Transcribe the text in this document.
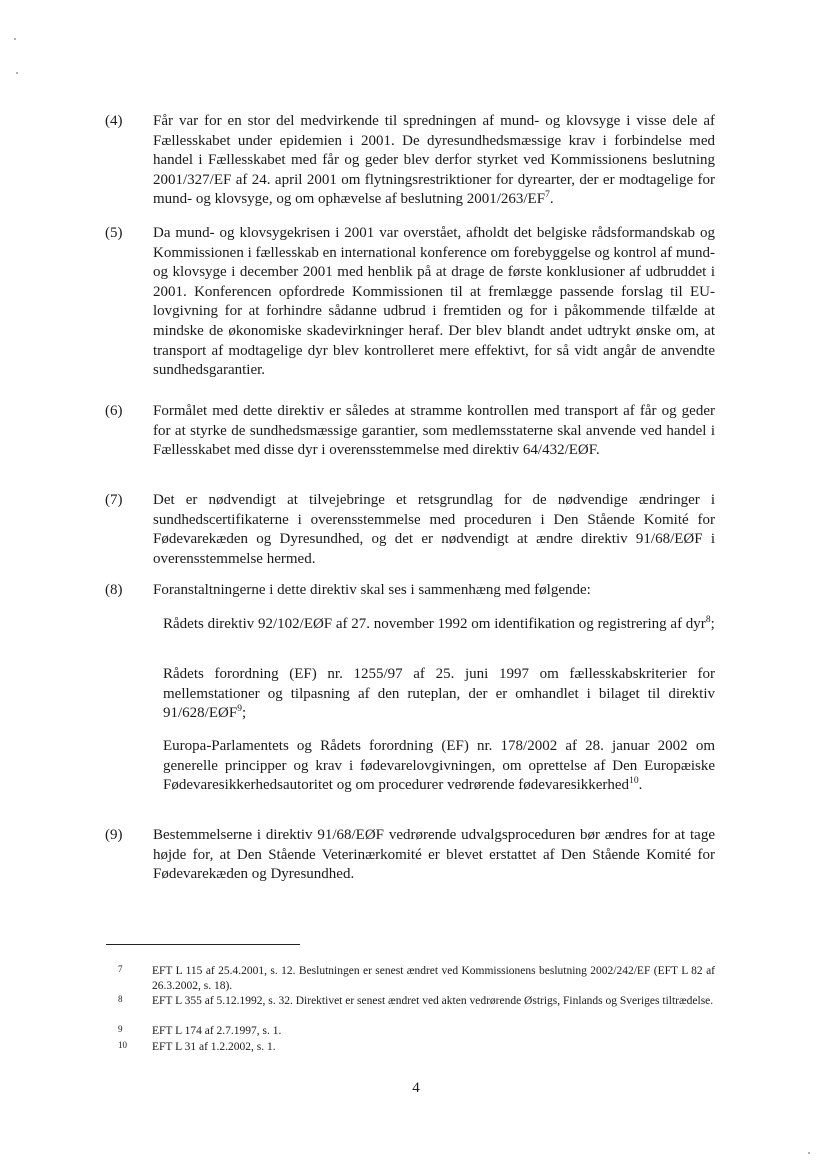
(4) Får var for en stor del medvirkende til spredningen af mund- og klovsyge i visse dele af Fællesskabet under epidemien i 2001. De dyresundhedsmæssige krav i forbindelse med handel i Fællesskabet med får og geder blev derfor styrket ved Kommissionens beslutning 2001/327/EF af 24. april 2001 om flytningsrestriktioner for dyrearter, der er modtagelige for mund- og klovsyge, og om ophævelse af beslutning $2001/263/EF^7$.
(5) Da mund- og klovsygekrisen i 2001 var overstået, afholdt det belgiske rådsformandskab og Kommissionen i fællesskab en international konference om forebyggelse og kontrol af mund- og klovsyge i december 2001 med henblik på at drage de første konklusioner af udbruddet i 2001. Konferencen opfordrede Kommissionen til at fremlægge passende forslag til EU-lovgivning for at forhindre sådanne udbrud i fremtiden og for i påkommende tilfælde at mindske de økonomiske skadevirkninger heraf. Der blev blandt andet udtrykt ønske om, at transport af modtagelige dyr blev kontrolleret mere effektivt, for så vidt angår de anvendte sundhedsgarantier.
(6) Formålet med dette direktiv er således at stramme kontrollen med transport af får og geder for at styrke de sundhedsmæssige garantier, som medlemsstaterne skal anvende ved handel i Fællesskabet med disse dyr i overensstemmelse med direktiv 64/432/EØF.
(7) Det er nødvendigt at tilvejebringe et retsgrundlag for de nødvendige ændringer i sundhedscertifikaterne i overensstemmelse med proceduren i Den Stående Komité for Fødevarekæden og Dyresundhed, og det er nødvendigt at ændre direktiv 91/68/EØF i overensstemmelse hermed.
(8) Foranstaltningerne i dette direktiv skal ses i sammenhæng med følgende:
Rådets direktiv 92/102/EØF af 27. november 1992 om identifikation og registrering af dyr$^8$;
Rådets forordning (EF) nr. 1255/97 af 25. juni 1997 om fællesskabskriterier for mellemstationer og tilpasning af den ruteplan, der er omhandlet i bilaget til direktiv 91/628/EØF$^9$;
Europa-Parlamentets og Rådets forordning (EF) nr. 178/2002 af 28. januar 2002 om generelle principper og krav i fødevarelovgivningen, om oprettelse af Den Europæiske Fødevaresikkerhedsautoritet og om procedurer vedrørende fødevaresikkerhed$^{10}$.
(9) Bestemmelserne i direktiv 91/68/EØF vedrørende udvalgsproceduren bør ændres for at tage højde for, at Den Stående Veterinærkomité er blevet erstattet af Den Stående Komité for Fødevarekæden og Dyresundhed.
7	EFT L 115 af 25.4.2001, s. 12. Beslutningen er senest ændret ved Kommissionens beslutning 2002/242/EF (EFT L 82 af 26.3.2002, s. 18).
8	EFT L 355 af 5.12.1992, s. 32. Direktivet er senest ændret ved akten vedrørende Østrigs, Finlands og Sveriges tiltrædelse.
9	EFT L 174 af 2.7.1997, s. 1.
10 EFT L 31 af 1.2.2002, s. 1.
4
